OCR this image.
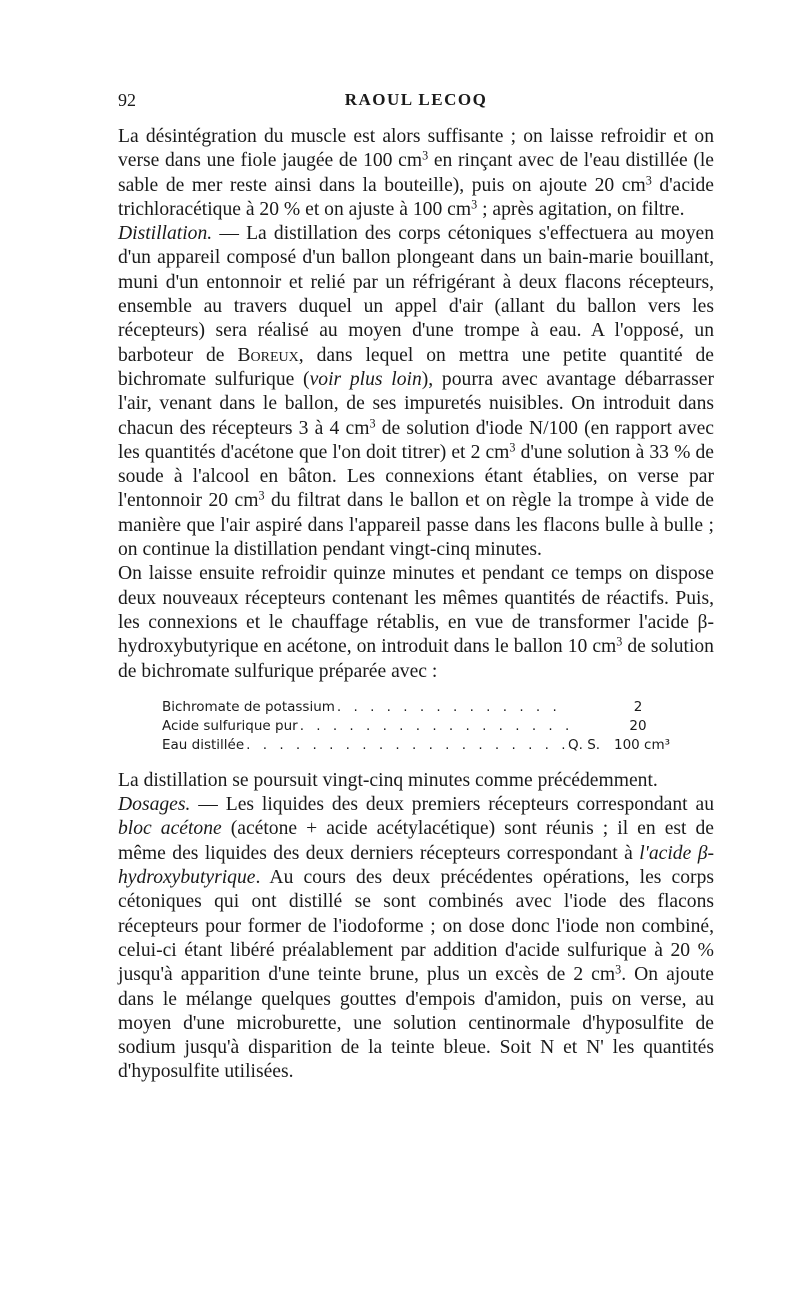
92	RAOUL LECOQ

La désintégration du muscle est alors suffisante ; on laisse refroidir et on verse dans une fiole jaugée de 100 $cm^3$ en rinçant avec de l'eau distillée (le sable de mer reste ainsi dans la bouteille), puis on ajoute 20 $cm^3$ d'acide trichloracétique à 20 % et on ajuste à 100 $cm^3$ ; après agitation, on filtre.

Distillation. — La distillation des corps cétoniques s'effectuera au moyen d'un appareil composé d'un ballon plongeant dans un bain-marie bouillant, muni d'un entonnoir et relié par un réfrigérant à deux flacons récepteurs, ensemble au travers duquel un appel d'air (allant du ballon vers les récepteurs) sera réalisé au moyen d'une trompe à eau. A l'opposé, un barboteur de Boreux, dans lequel on mettra une petite quantité de bichromate sulfurique (voir plus loin), pourra avec avantage débarrasser l'air, venant dans le ballon, de ses impuretés nuisibles. On introduit dans chacun des récepteurs 3 à 4 $cm^3$ de solution d'iode N/100 (en rapport avec les quantités d'acétone que l'on doit titrer) et 2 $cm^3$ d'une solution à 33 % de soude à l'alcool en bâton. Les connexions étant établies, on verse par l'entonnoir 20 $cm^3$ du filtrat dans le ballon et on règle la trompe à vide de manière que l'air aspiré dans l'appareil passe dans les flacons bulle à bulle ; on continue la distillation pendant vingt-cinq minutes.

On laisse ensuite refroidir quinze minutes et pendant ce temps on dispose deux nouveaux récepteurs contenant les mêmes quantités de réactifs. Puis, les connexions et le chauffage rétablis, en vue de transformer l'acide β-hydroxybutyrique en acétone, on introduit dans le ballon 10 $cm^3$ de solution de bichromate sulfurique préparée avec :

Bichromate de potassium . . .	2
Acide sulfurique pur . . .	20
Eau distillée . . .	Q. S.	100 cm³

La distillation se poursuit vingt-cinq minutes comme précédemment.

Dosages. — Les liquides des deux premiers récepteurs correspondant au bloc acétone (acétone + acide acétylacétique) sont réunis ; il en est de même des liquides des deux derniers récepteurs correspondant à l'acide β-hydroxybutyrique. Au cours des deux précédentes opérations, les corps cétoniques qui ont distillé se sont combinés avec l'iode des flacons récepteurs pour former de l'iodoforme ; on dose donc l'iode non combiné, celui-ci étant libéré préalablement par addition d'acide sulfurique à 20 % jusqu'à apparition d'une teinte brune, plus un excès de 2 $cm^3$. On ajoute dans le mélange quelques gouttes d'empois d'amidon, puis on verse, au moyen d'une microburette, une solution centinormale d'hyposulfite de sodium jusqu'à disparition de la teinte bleue. Soit N et N' les quantités d'hyposulfite utilisées.
